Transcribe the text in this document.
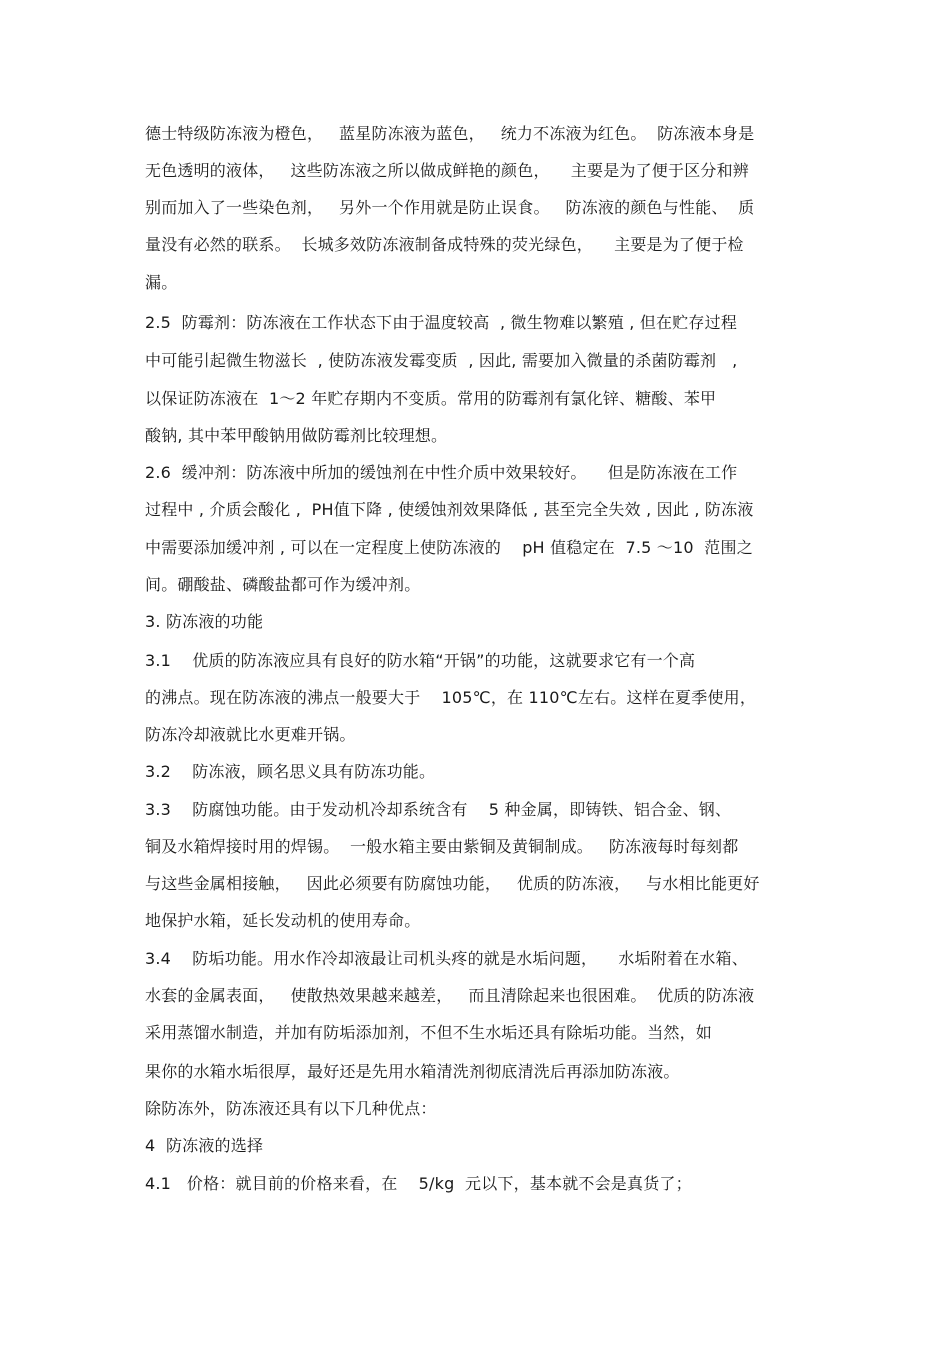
德士特级防冻液为橙色，   蓝星防冻液为蓝色，   统力不冻液为红色。  防冻液本身是
无色透明的液体，   这些防冻液之所以做成鲜艳的颜色，    主要是为了便于区分和辨
别而加入了一些染色剂，   另外一个作用就是防止误食。   防冻液的颜色与性能、  质
量没有必然的联系。  长城多效防冻液制备成特殊的荧光绿色，    主要是为了便于检
漏。
2.5  防霉剂：防冻液在工作状态下由于温度较高  , 微生物难以繁殖 , 但在贮存过程
中可能引起微生物滋长  , 使防冻液发霉变质  , 因此, 需要加入微量的杀菌防霉剂   ,
以保证防冻液在  1～2 年贮存期内不变质。常用的防霉剂有氯化锌、糖酸、苯甲
酸钠, 其中苯甲酸钠用做防霉剂比较理想。
2.6  缓冲剂：防冻液中所加的缓蚀剂在中性介质中效果较好。    但是防冻液在工作
过程中 , 介质会酸化 ,  PH值下降 , 使缓蚀剂效果降低 , 甚至完全失效 , 因此 , 防冻液
中需要添加缓冲剂 , 可以在一定程度上使防冻液的    pH 值稳定在  7.5 ～10  范围之
间。硼酸盐、磷酸盐都可作为缓冲剂。
3. 防冻液的功能
3.1    优质的防冻液应具有良好的防水箱“开锅”的功能，这就要求它有一个高
的沸点。现在防冻液的沸点一般要大于    105℃，在 110℃左右。这样在夏季使用，
防冻冷却液就比水更难开锅。
3.2    防冻液，顾名思义具有防冻功能。
3.3    防腐蚀功能。由于发动机冷却系统含有    5 种金属，即铸铁、铝合金、钢、
铜及水箱焊接时用的焊锡。  一般水箱主要由紫铜及黄铜制成。   防冻液每时每刻都
与这些金属相接触，   因此必须要有防腐蚀功能，   优质的防冻液，   与水相比能更好
地保护水箱，延长发动机的使用寿命。
3.4    防垢功能。用水作冷却液最让司机头疼的就是水垢问题，    水垢附着在水箱、
水套的金属表面，   使散热效果越来越差，   而且清除起来也很困难。  优质的防冻液
采用蒸馏水制造，并加有防垢添加剂，不但不生水垢还具有除垢功能。当然，如
果你的水箱水垢很厚，最好还是先用水箱清洗剂彻底清洗后再添加防冻液。
除防冻外，防冻液还具有以下几种优点：
4  防冻液的选择
4.1   价格：就目前的价格来看，在    5/kg  元以下，基本就不会是真货了；
